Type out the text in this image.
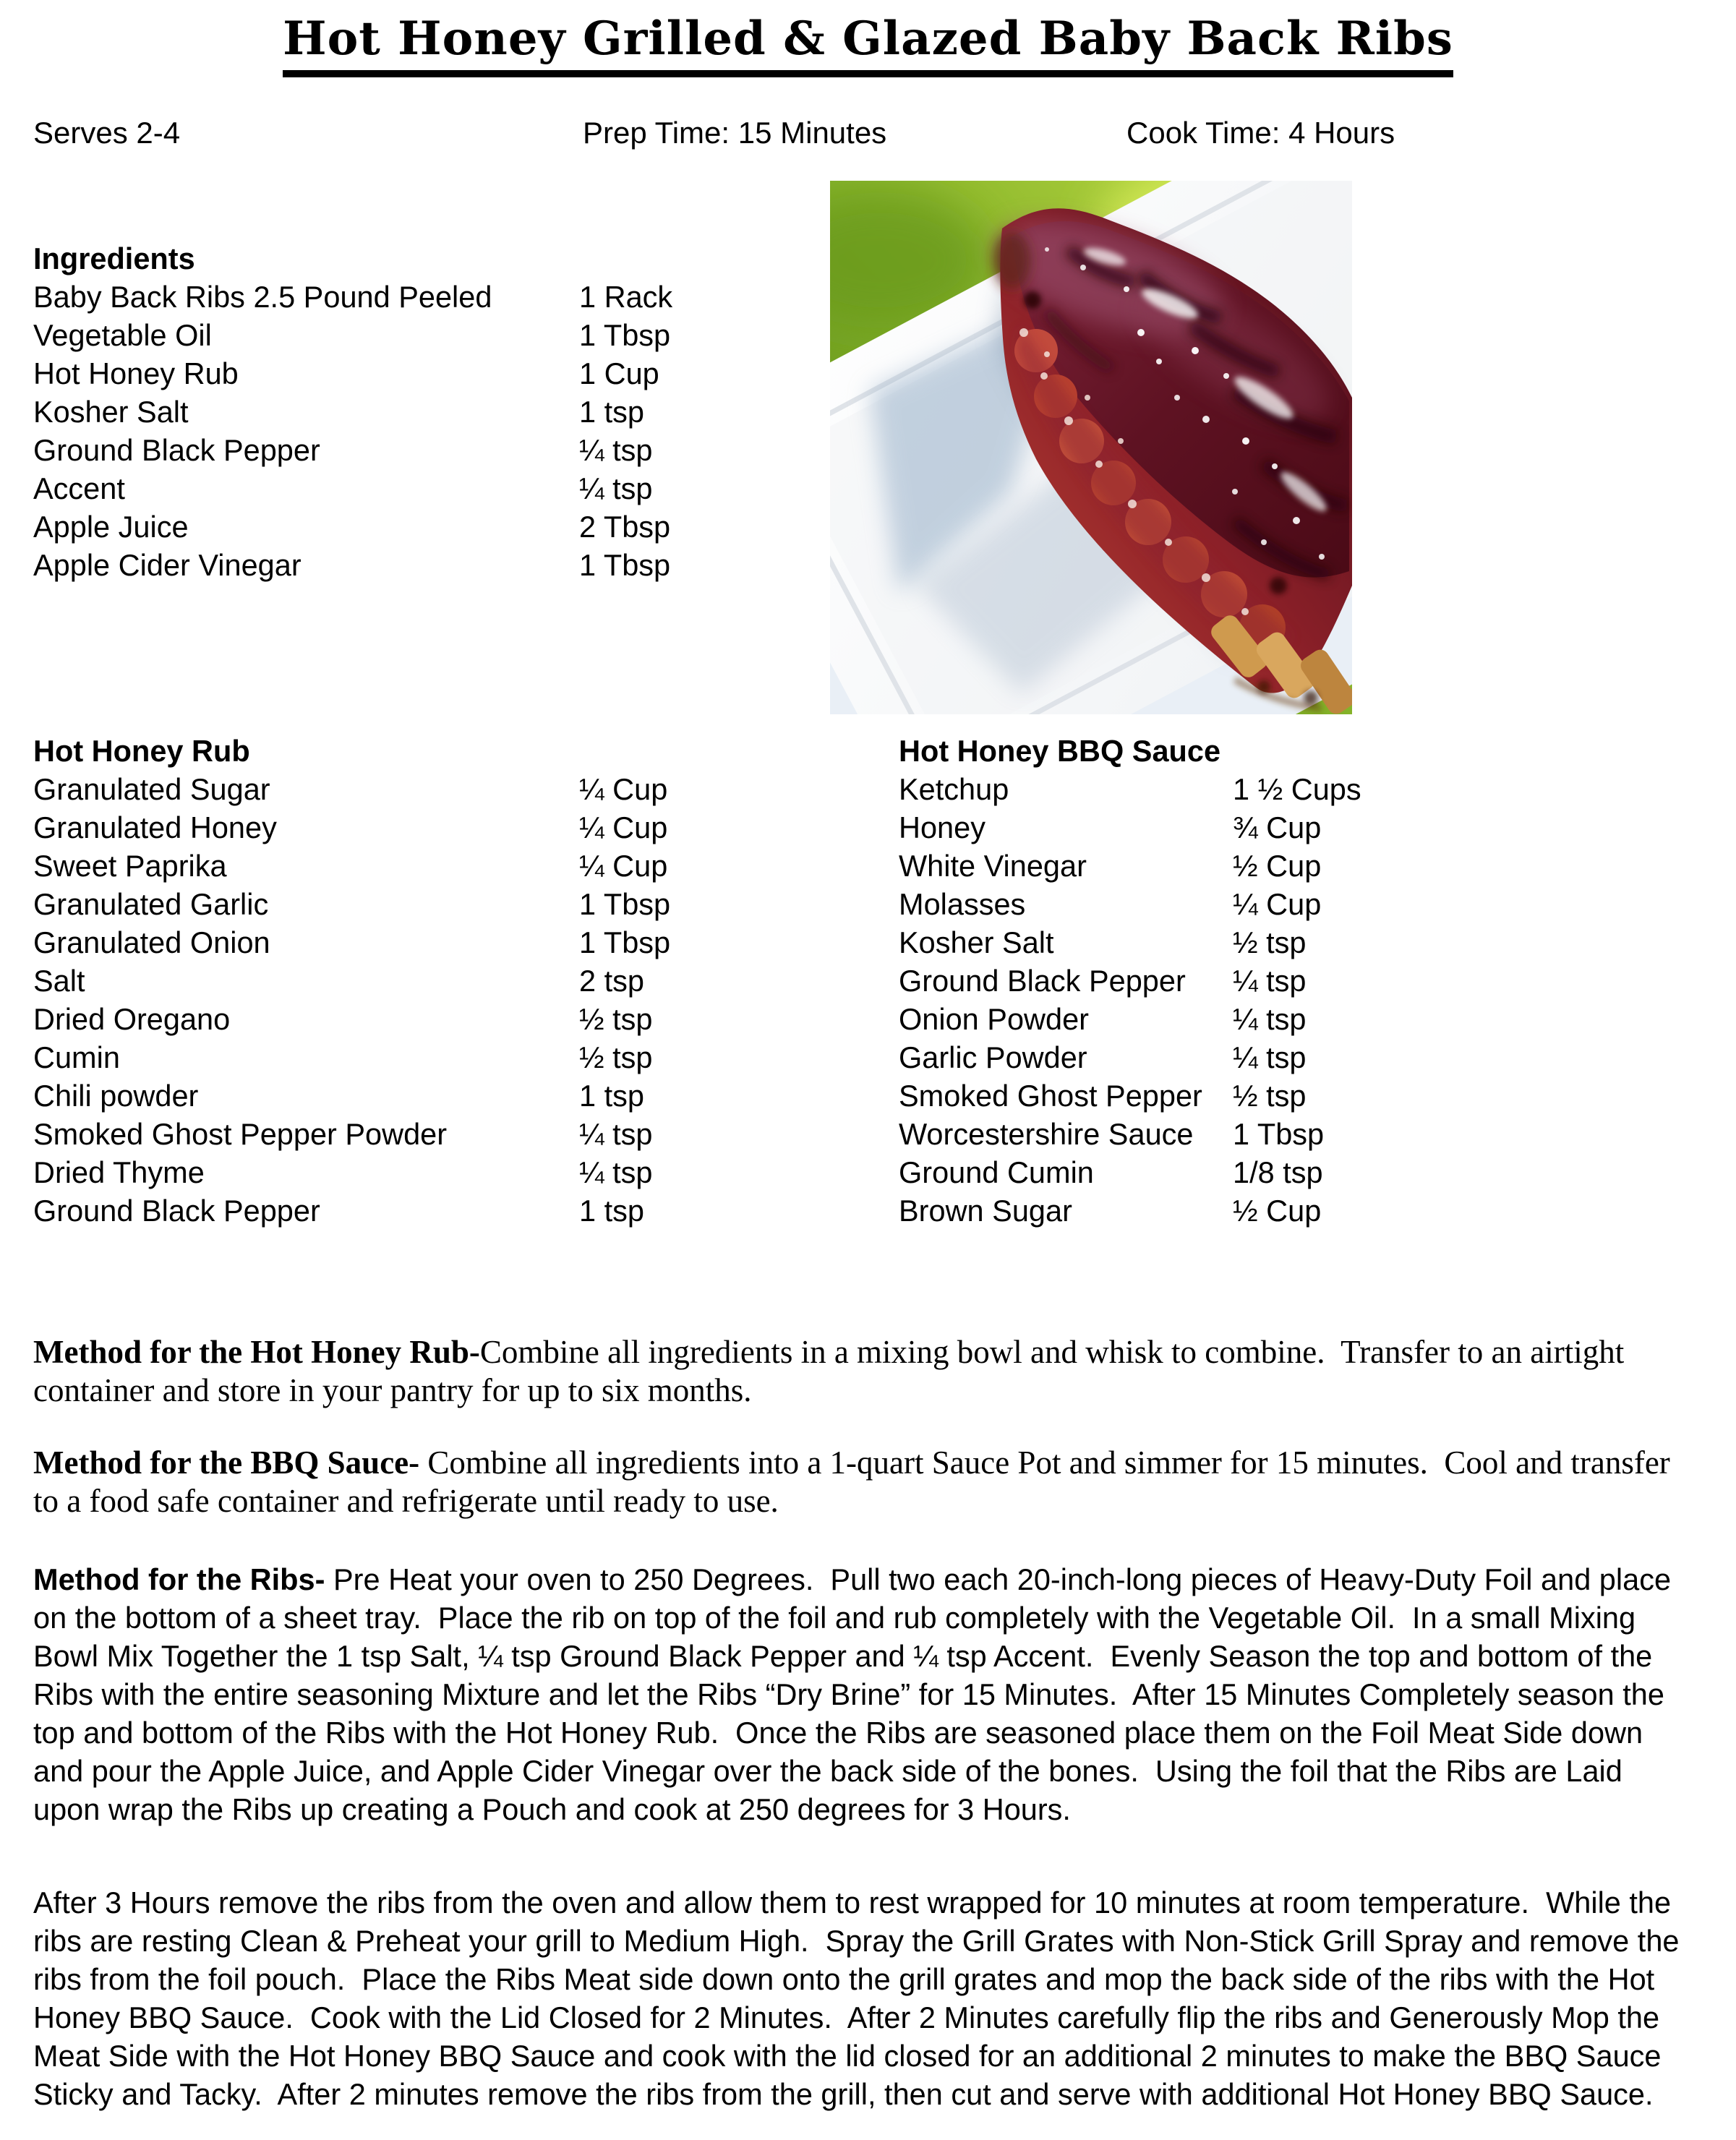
Hot Honey Grilled & Glazed Baby Back Ribs
Serves 2-4	Prep Time: 15 Minutes	Cook Time: 4 Hours
Ingredients
Baby Back Ribs 2.5 Pound Peeled	1 Rack
Vegetable Oil	1 Tbsp
Hot Honey Rub	1 Cup
Kosher Salt	1 tsp
Ground Black Pepper	¼ tsp
Accent	¼ tsp
Apple Juice	2 Tbsp
Apple Cider Vinegar	1 Tbsp
Hot Honey Rub
Granulated Sugar	¼ Cup
Granulated Honey	¼ Cup
Sweet Paprika	¼ Cup
Granulated Garlic	1 Tbsp
Granulated Onion	1 Tbsp
Salt	2 tsp
Dried Oregano	½ tsp
Cumin	½ tsp
Chili powder	1 tsp
Smoked Ghost Pepper Powder	¼ tsp
Dried Thyme	¼ tsp
Ground Black Pepper	1 tsp
Hot Honey BBQ Sauce
Ketchup	1 ½ Cups
Honey	¾ Cup
White Vinegar	½ Cup
Molasses	¼ Cup
Kosher Salt	½ tsp
Ground Black Pepper	¼ tsp
Onion Powder	¼ tsp
Garlic Powder	¼ tsp
Smoked Ghost Pepper	½ tsp
Worcestershire Sauce	1 Tbsp
Ground Cumin	1/8 tsp
Brown Sugar	½ Cup

Method for the Hot Honey Rub-Combine all ingredients in a mixing bowl and whisk to combine.  Transfer to an airtight container and store in your pantry for up to six months.

Method for the BBQ Sauce- Combine all ingredients into a 1-quart Sauce Pot and simmer for 15 minutes.  Cool and transfer to a food safe container and refrigerate until ready to use.

Method for the Ribs- Pre Heat your oven to 250 Degrees.  Pull two each 20-inch-long pieces of Heavy-Duty Foil and place on the bottom of a sheet tray.  Place the rib on top of the foil and rub completely with the Vegetable Oil.  In a small Mixing Bowl Mix Together the 1 tsp Salt, ¼ tsp Ground Black Pepper and ¼ tsp Accent.  Evenly Season the top and bottom of the Ribs with the entire seasoning Mixture and let the Ribs “Dry Brine” for 15 Minutes.  After 15 Minutes Completely season the top and bottom of the Ribs with the Hot Honey Rub.  Once the Ribs are seasoned place them on the Foil Meat Side down and pour the Apple Juice, and Apple Cider Vinegar over the back side of the bones.  Using the foil that the Ribs are Laid upon wrap the Ribs up creating a Pouch and cook at 250 degrees for 3 Hours.

After 3 Hours remove the ribs from the oven and allow them to rest wrapped for 10 minutes at room temperature.  While the ribs are resting Clean & Preheat your grill to Medium High.  Spray the Grill Grates with Non-Stick Grill Spray and remove the ribs from the foil pouch.  Place the Ribs Meat side down onto the grill grates and mop the back side of the ribs with the Hot Honey BBQ Sauce.  Cook with the Lid Closed for 2 Minutes.  After 2 Minutes carefully flip the ribs and Generously Mop the Meat Side with the Hot Honey BBQ Sauce and cook with the lid closed for an additional 2 minutes to make the BBQ Sauce Sticky and Tacky.  After 2 minutes remove the ribs from the grill, then cut and serve with additional Hot Honey BBQ Sauce.
